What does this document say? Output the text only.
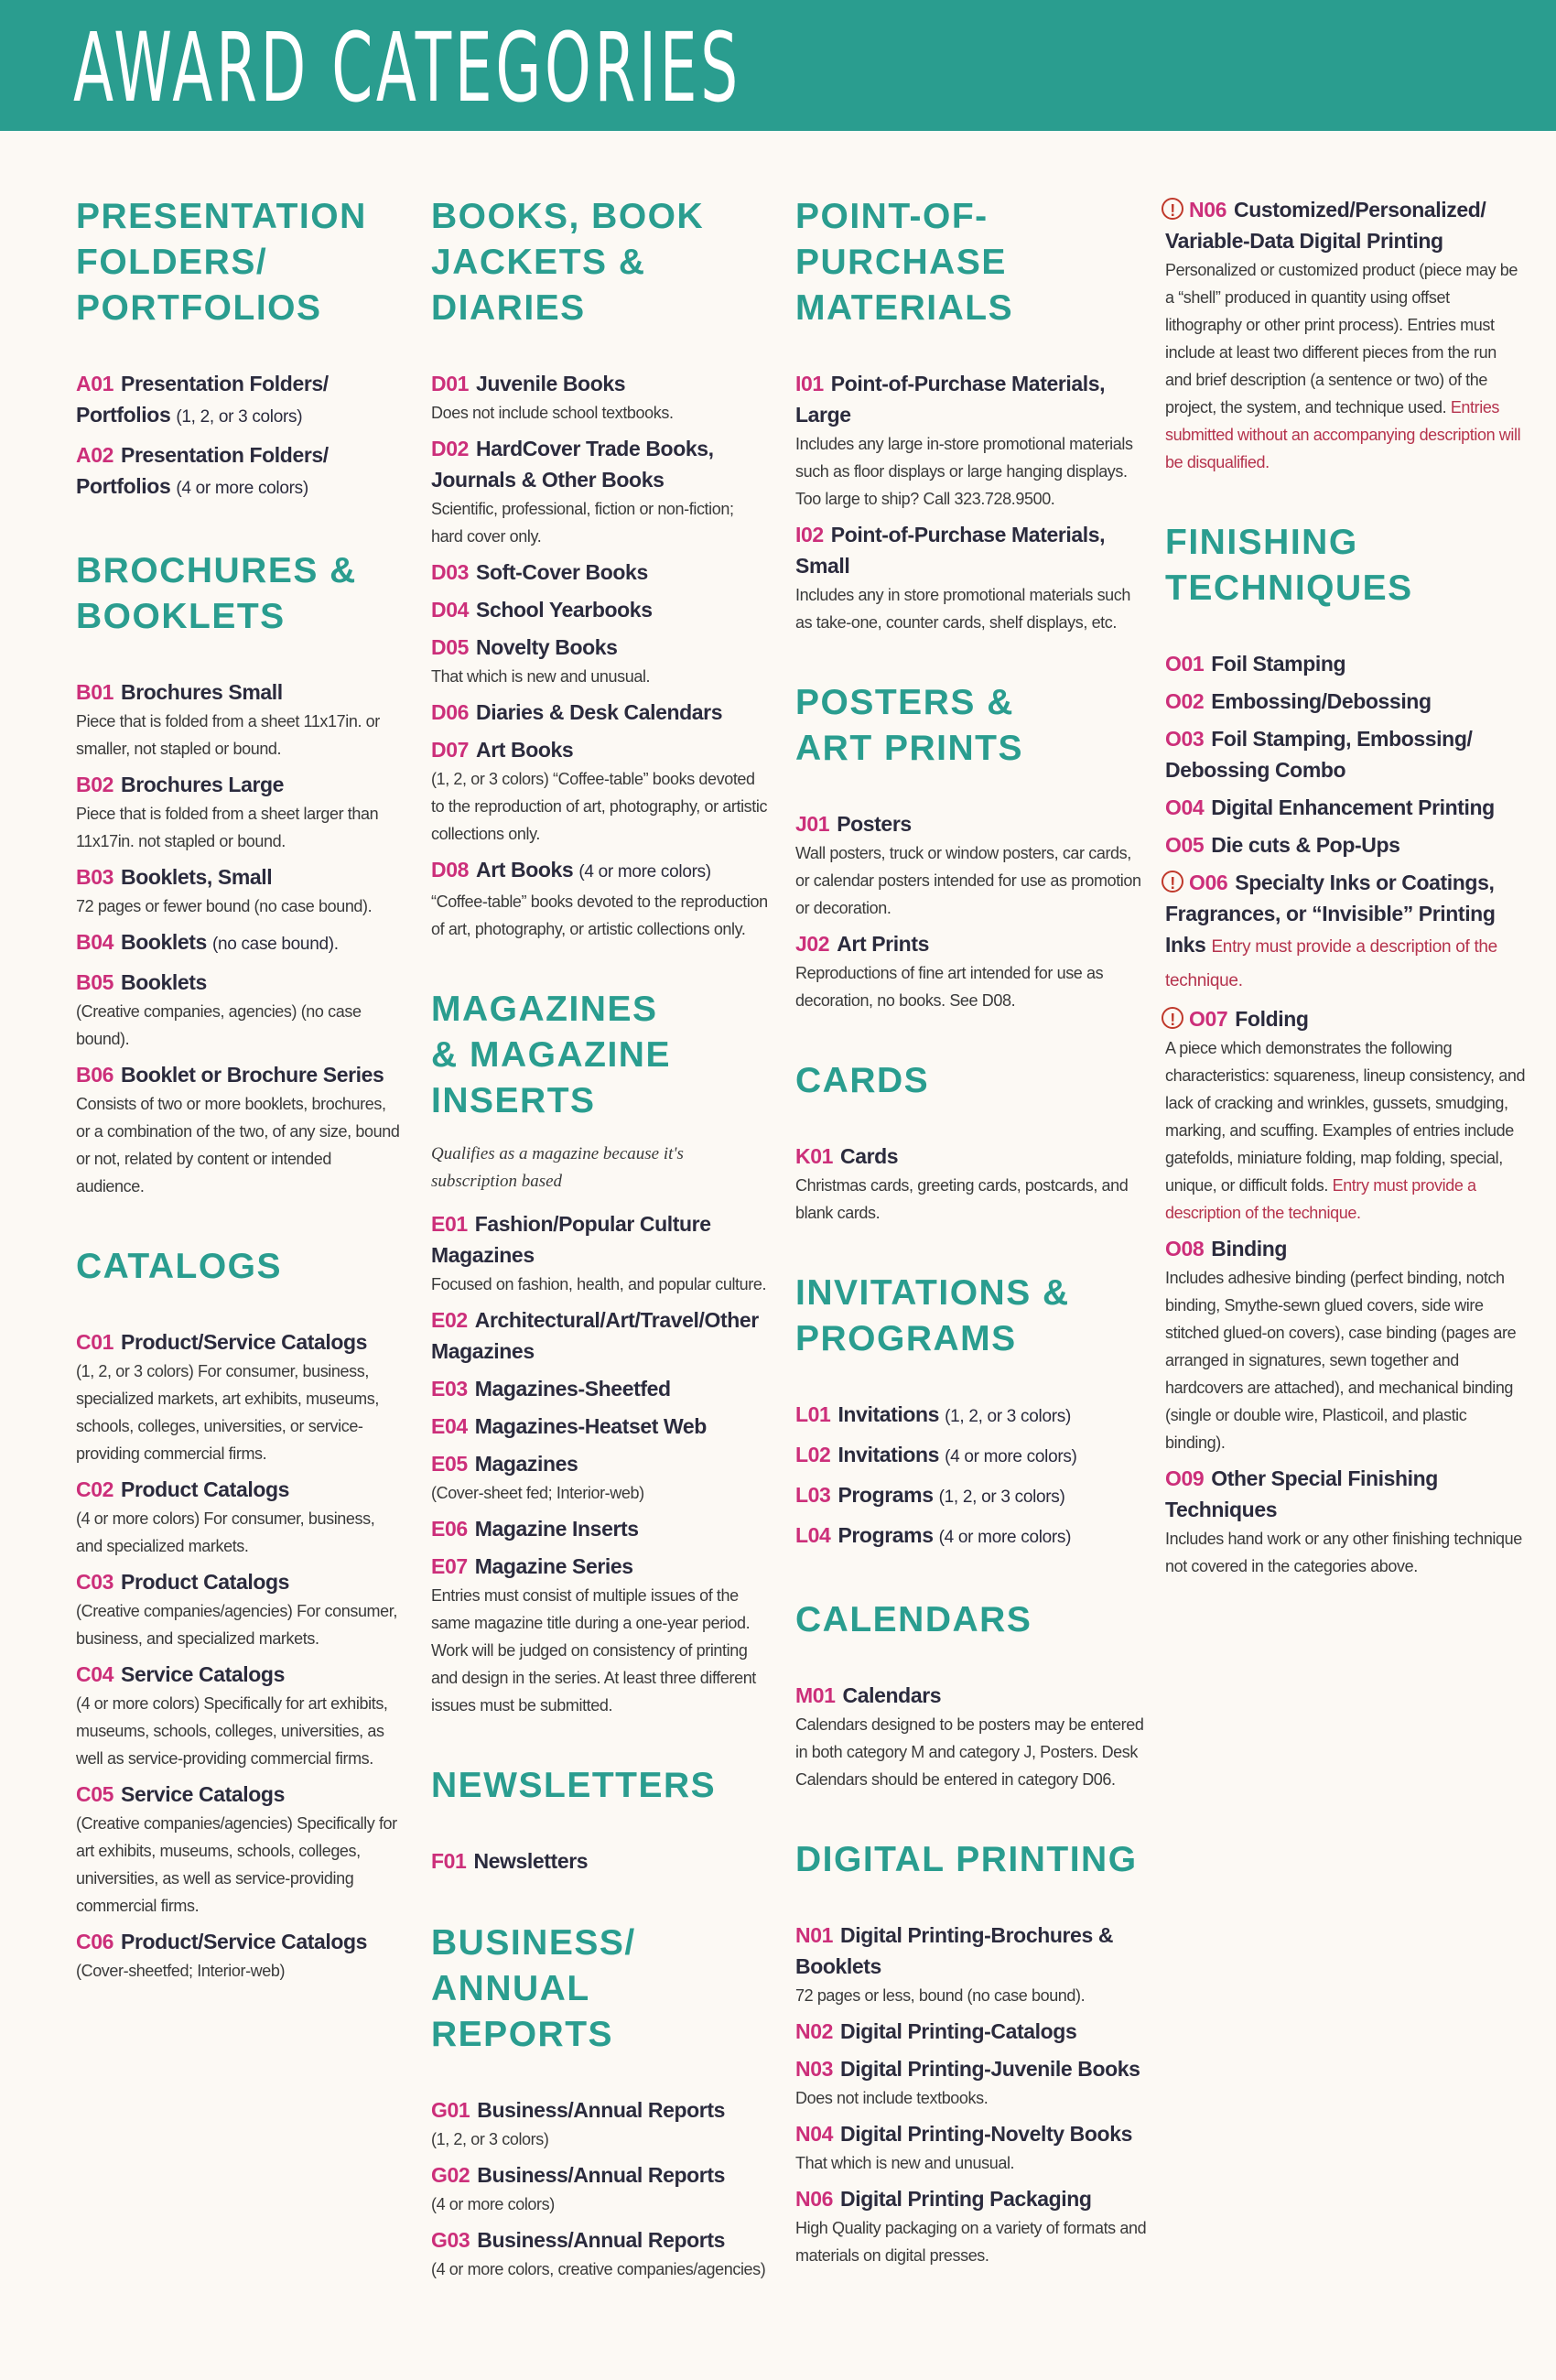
AWARD CATEGORIES
PRESENTATION
FOLDERS/
PORTFOLIOS
A01 Presentation Folders/ Portfolios (1, 2, or 3 colors)
A02 Presentation Folders/ Portfolios (4 or more colors)
BROCHURES &
BOOKLETS
B01 Brochures Small
Piece that is folded from a sheet 11x17in. or smaller, not stapled or bound.
B02 Brochures Large
Piece that is folded from a sheet larger than 11x17in. not stapled or bound.
B03 Booklets, Small
72 pages or fewer bound (no case bound).
B04 Booklets (no case bound).
B05 Booklets
(Creative companies, agencies) (no case bound).
B06 Booklet or Brochure Series
Consists of two or more booklets, brochures, or a combination of the two, of any size, bound or not, related by content or intended audience.
CATALOGS
C01 Product/Service Catalogs
(1, 2, or 3 colors) For consumer, business, specialized markets, art exhibits, museums, schools, colleges, universities, or service-providing commercial firms.
C02 Product Catalogs
(4 or more colors) For consumer, business, and specialized markets.
C03 Product Catalogs
(Creative companies/agencies) For consumer, business, and specialized markets.
C04 Service Catalogs
(4 or more colors) Specifically for art exhibits, museums, schools, colleges, universities, as well as service-providing commercial firms.
C05 Service Catalogs
(Creative companies/agencies) Specifically for art exhibits, museums, schools, colleges, universities, as well as service-providing commercial firms.
C06 Product/Service Catalogs
(Cover-sheetfed; Interior-web)
BOOKS, BOOK
JACKETS &
DIARIES
D01 Juvenile Books
Does not include school textbooks.
D02 HardCover Trade Books, Journals & Other Books
Scientific, professional, fiction or non-fiction; hard cover only.
D03 Soft-Cover Books
D04 School Yearbooks
D05 Novelty Books
That which is new and unusual.
D06 Diaries & Desk Calendars
D07 Art Books
(1, 2, or 3 colors) “Coffee-table” books devoted to the reproduction of art, photography, or artistic collections only.
D08 Art Books (4 or more colors)
“Coffee-table” books devoted to the reproduction of art, photography, or artistic collections only.
MAGAZINES
& MAGAZINE
INSERTS
Qualifies as a magazine because it's subscription based
E01 Fashion/Popular Culture Magazines
Focused on fashion, health, and popular culture.
E02 Architectural/Art/Travel/Other Magazines
E03 Magazines-Sheetfed
E04 Magazines-Heatset Web
E05 Magazines
(Cover-sheet fed; Interior-web)
E06 Magazine Inserts
E07 Magazine Series
Entries must consist of multiple issues of the same magazine title during a one-year period. Work will be judged on consistency of printing and design in the series. At least three different issues must be submitted.
NEWSLETTERS
F01 Newsletters
BUSINESS/
ANNUAL
REPORTS
G01 Business/Annual Reports
(1, 2, or 3 colors)
G02 Business/Annual Reports
(4 or more colors)
G03 Business/Annual Reports
(4 or more colors, creative companies/agencies)
POINT-OF-
PURCHASE
MATERIALS
I01 Point-of-Purchase Materials, Large
Includes any large in-store promotional materials such as floor displays or large hanging displays. Too large to ship? Call 323.728.9500.
I02 Point-of-Purchase Materials, Small
Includes any in store promotional materials such as take-one, counter cards, shelf displays, etc.
POSTERS &
ART PRINTS
J01 Posters
Wall posters, truck or window posters, car cards, or calendar posters intended for use as promotion or decoration.
J02 Art Prints
Reproductions of fine art intended for use as decoration, no books. See D08.
CARDS
K01 Cards
Christmas cards, greeting cards, postcards, and blank cards.
INVITATIONS &
PROGRAMS
L01 Invitations (1, 2, or 3 colors)
L02 Invitations (4 or more colors)
L03 Programs (1, 2, or 3 colors)
L04 Programs (4 or more colors)
CALENDARS
M01 Calendars
Calendars designed to be posters may be entered in both category M and category J, Posters. Desk Calendars should be entered in category D06.
DIGITAL PRINTING
N01 Digital Printing-Brochures & Booklets
72 pages or less, bound (no case bound).
N02 Digital Printing-Catalogs
N03 Digital Printing-Juvenile Books
Does not include textbooks.
N04 Digital Printing-Novelty Books
That which is new and unusual.
N06 Digital Printing Packaging
High Quality packaging on a variety of formats and materials on digital presses.
! N06 Customized/Personalized/ Variable-Data Digital Printing
Personalized or customized product (piece may be a “shell” produced in quantity using offset lithography or other print process). Entries must include at least two different pieces from the run and brief description (a sentence or two) of the project, the system, and technique used. Entries submitted without an accompanying description will be disqualified.
FINISHING
TECHNIQUES
O01 Foil Stamping
O02 Embossing/Debossing
O03 Foil Stamping, Embossing/ Debossing Combo
O04 Digital Enhancement Printing
O05 Die cuts & Pop-Ups
! O06 Specialty Inks or Coatings, Fragrances, or “Invisible” Printing Inks Entry must provide a description of the technique.
! O07 Folding
A piece which demonstrates the following characteristics: squareness, lineup consistency, and lack of cracking and wrinkles, gussets, smudging, marking, and scuffing. Examples of entries include gatefolds, miniature folding, map folding, special, unique, or difficult folds. Entry must provide a description of the technique.
O08 Binding
Includes adhesive binding (perfect binding, notch binding, Smythe-sewn glued covers, side wire stitched glued-on covers), case binding (pages are arranged in signatures, sewn together and hardcovers are attached), and mechanical binding (single or double wire, Plasticoil, and plastic binding).
O09 Other Special Finishing Techniques
Includes hand work or any other finishing technique not covered in the categories above.
